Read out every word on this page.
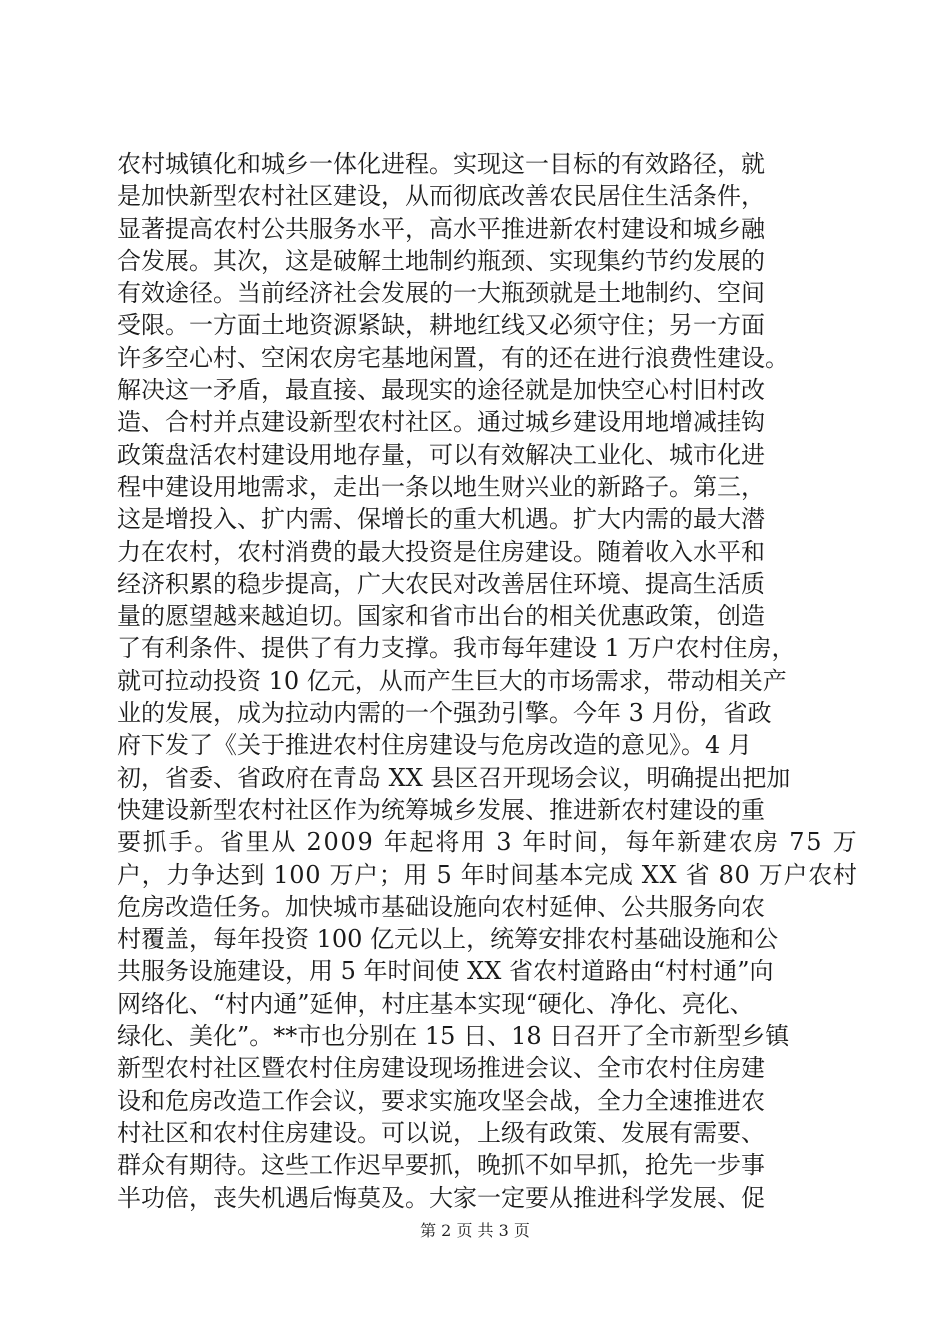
农村城镇化和城乡一体化进程。实现这一目标的有效路径，就
是加快新型农村社区建设，从而彻底改善农民居住生活条件，
显著提高农村公共服务水平，高水平推进新农村建设和城乡融
合发展。其次，这是破解土地制约瓶颈、实现集约节约发展的
有效途径。当前经济社会发展的一大瓶颈就是土地制约、空间
受限。一方面土地资源紧缺，耕地红线又必须守住；另一方面
许多空心村、空闲农房宅基地闲置，有的还在进行浪费性建设。
解决这一矛盾，最直接、最现实的途径就是加快空心村旧村改
造、合村并点建设新型农村社区。通过城乡建设用地增减挂钩
政策盘活农村建设用地存量，可以有效解决工业化、城市化进
程中建设用地需求，走出一条以地生财兴业的新路子。第三，
这是增投入、扩内需、保增长的重大机遇。扩大内需的最大潜
力在农村，农村消费的最大投资是住房建设。随着收入水平和
经济积累的稳步提高，广大农民对改善居住环境、提高生活质
量的愿望越来越迫切。国家和省市出台的相关优惠政策，创造
了有利条件、提供了有力支撑。我市每年建设 1 万户农村住房，
就可拉动投资 10 亿元，从而产生巨大的市场需求，带动相关产
业的发展，成为拉动内需的一个强劲引擎。今年 3 月份，省政
府下发了《关于推进农村住房建设与危房改造的意见》。4 月
初，省委、省政府在青岛 XX 县区召开现场会议，明确提出把加
快建设新型农村社区作为统筹城乡发展、推进新农村建设的重
要抓手。省里从 2009 年起将用 3 年时间，每年新建农房 75 万
户，力争达到 100 万户；用 5 年时间基本完成 XX 省 80 万户农村
危房改造任务。加快城市基础设施向农村延伸、公共服务向农
村覆盖，每年投资 100 亿元以上，统筹安排农村基础设施和公
共服务设施建设，用 5 年时间使 XX 省农村道路由“村村通”向
网络化、“村内通”延伸，村庄基本实现“硬化、净化、亮化、
绿化、美化”。**市也分别在 15 日、18 日召开了全市新型乡镇
新型农村社区暨农村住房建设现场推进会议、全市农村住房建
设和危房改造工作会议，要求实施攻坚会战，全力全速推进农
村社区和农村住房建设。可以说，上级有政策、发展有需要、
群众有期待。这些工作迟早要抓，晚抓不如早抓，抢先一步事
半功倍，丧失机遇后悔莫及。大家一定要从推进科学发展、促
第 2 页 共 3 页
